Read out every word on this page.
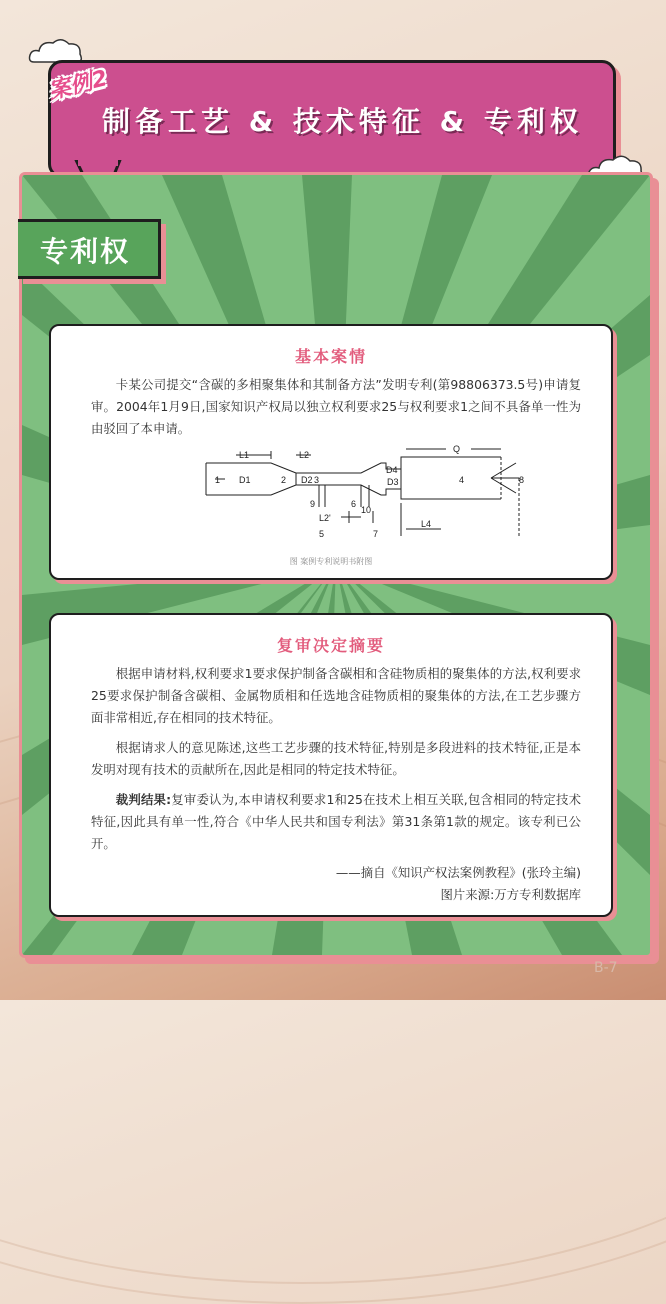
案例2
制备工艺 & 技术特征 & 专利权
专利权
基本案情

卡某公司提交“含碳的多相聚集体和其制备方法”发明专利(第98806373.5号)申请复审。2004年1月9日,国家知识产权局以独立权利要求25与权利要求1之间不具备单一性为由驳回了本申请。

L1	L2
Q
1 D1	2 D2 3
D4
D3	4	8
9	6
10
L2'
5	7
L4
图 案例专利说明书附图
复审决定摘要

根据申请材料,权利要求1要求保护制备含碳相和含硅物质相的聚集体的方法,权利要求25要求保护制备含碳相、金属物质相和任选地含硅物质相的聚集体的方法,在工艺步骤方面非常相近,存在相同的技术特征。

根据请求人的意见陈述,这些工艺步骤的技术特征,特别是多段进料的技术特征,正是本发明对现有技术的贡献所在,因此是相同的特定技术特征。

裁判结果:复审委认为,本申请权利要求1和25在技术上相互关联,包含相同的特定技术特征,因此具有单一性,符合《中华人民共和国专利法》第31条第1款的规定。该专利已公开。

——摘自《知识产权法案例教程》(张玲主编)
图片来源:万方专利数据库
B-7
